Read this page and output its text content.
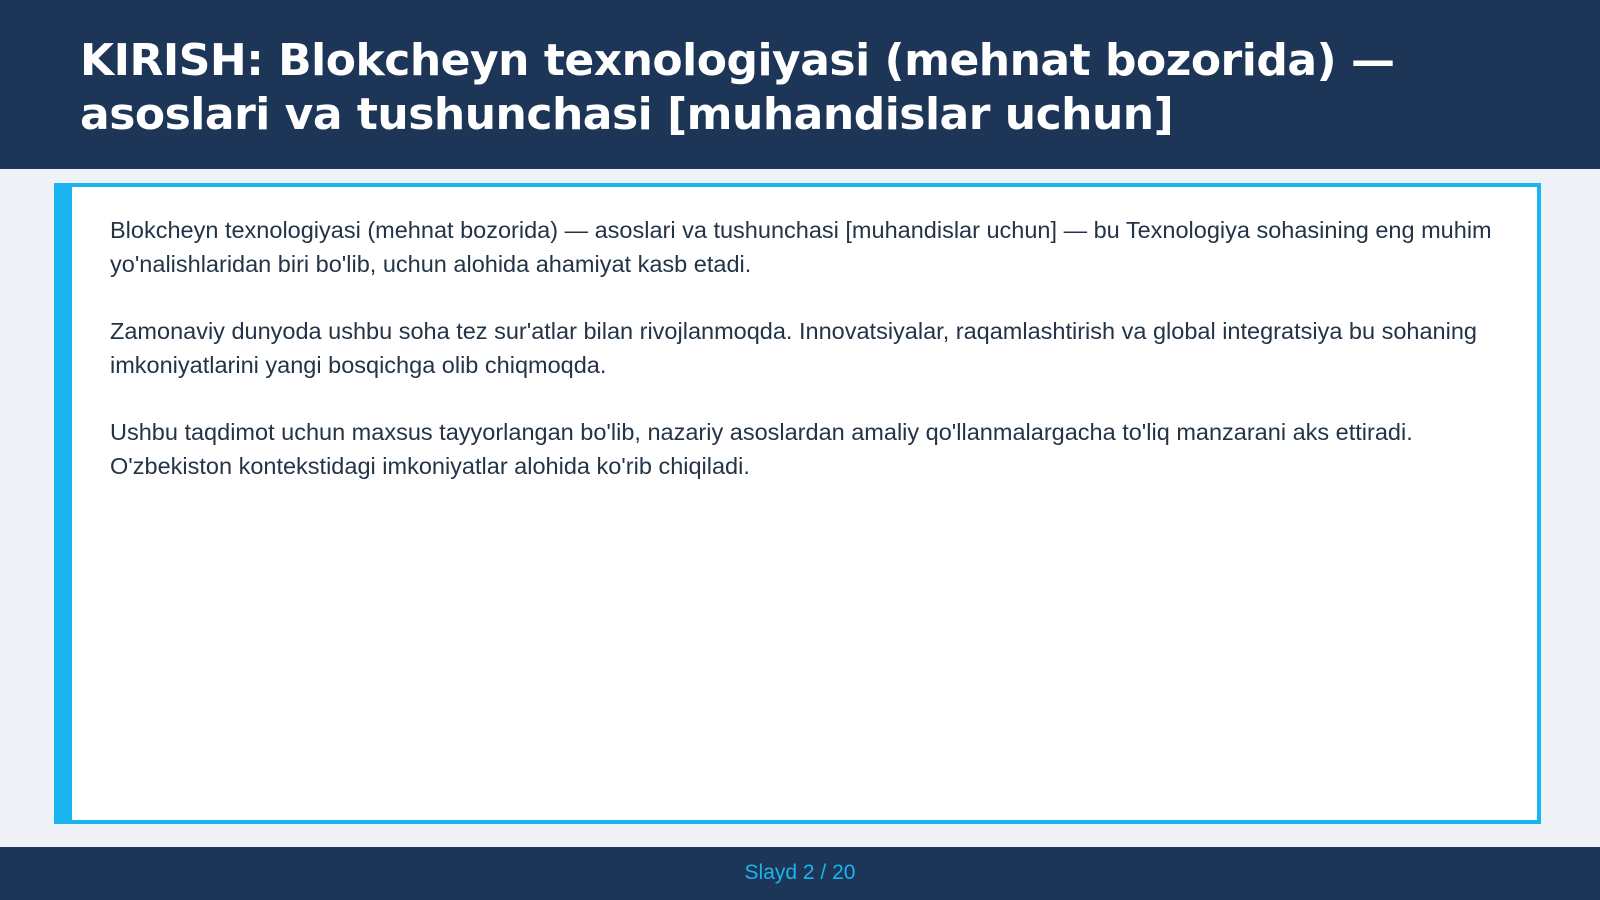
KIRISH: Blokcheyn texnologiyasi (mehnat bozorida) — asoslari va tushunchasi [muhandislar uchun]

Blokcheyn texnologiyasi (mehnat bozorida) — asoslari va tushunchasi [muhandislar uchun] — bu Texnologiya sohasining eng muhim yo'nalishlaridan biri bo'lib, uchun alohida ahamiyat kasb etadi.

Zamonaviy dunyoda ushbu soha tez sur'atlar bilan rivojlanmoqda. Innovatsiyalar, raqamlashtirish va global integratsiya bu sohaning imkoniyatlarini yangi bosqichga olib chiqmoqda.

Ushbu taqdimot uchun maxsus tayyorlangan bo'lib, nazariy asoslardan amaliy qo'llanmalargacha to'liq manzarani aks ettiradi. O'zbekiston kontekstidagi imkoniyatlar alohida ko'rib chiqiladi.

Slayd 2 / 20
